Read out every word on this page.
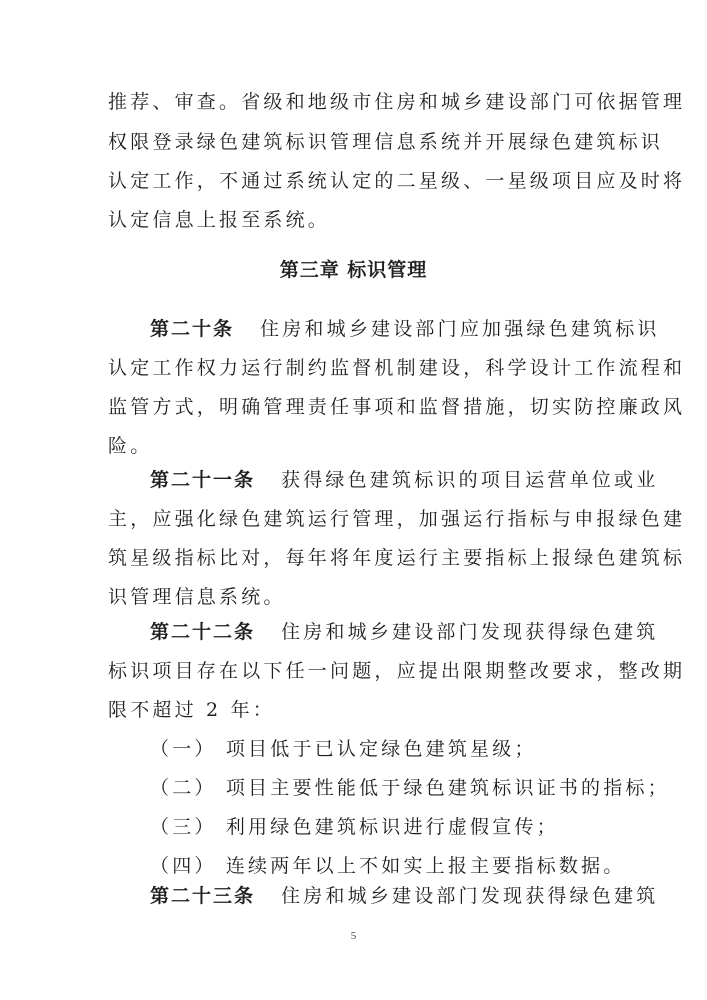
推荐、审查。省级和地级市住房和城乡建设部门可依据管理
权限登录绿色建筑标识管理信息系统并开展绿色建筑标识
认定工作，不通过系统认定的二星级、一星级项目应及时将
认定信息上报至系统。
第三章 标识管理
第二十条 住房和城乡建设部门应加强绿色建筑标识
认定工作权力运行制约监督机制建设，科学设计工作流程和
监管方式，明确管理责任事项和监督措施，切实防控廉政风
险。
第二十一条 获得绿色建筑标识的项目运营单位或业
主，应强化绿色建筑运行管理，加强运行指标与申报绿色建
筑星级指标比对，每年将年度运行主要指标上报绿色建筑标
识管理信息系统。
第二十二条 住房和城乡建设部门发现获得绿色建筑
标识项目存在以下任一问题，应提出限期整改要求，整改期
限不超过 2 年：
（一） 项目低于已认定绿色建筑星级；
（二） 项目主要性能低于绿色建筑标识证书的指标；
（三） 利用绿色建筑标识进行虚假宣传；
（四） 连续两年以上不如实上报主要指标数据。
第二十三条 住房和城乡建设部门发现获得绿色建筑
5
